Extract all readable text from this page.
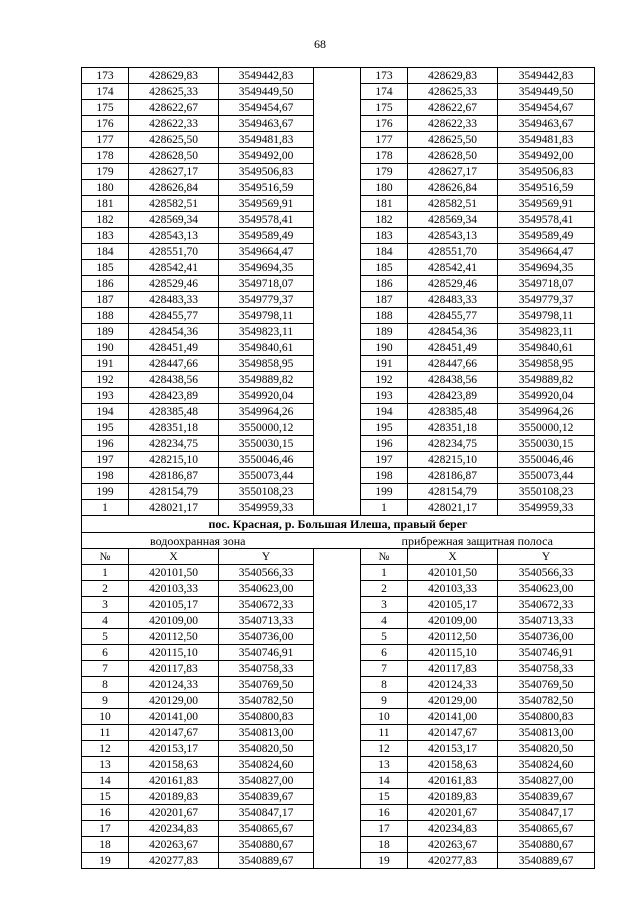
68
173	428629,83	3549442,83		173	428629,83	3549442,83
174	428625,33	3549449,50		174	428625,33	3549449,50
175	428622,67	3549454,67		175	428622,67	3549454,67
176	428622,33	3549463,67		176	428622,33	3549463,67
177	428625,50	3549481,83		177	428625,50	3549481,83
178	428628,50	3549492,00		178	428628,50	3549492,00
179	428627,17	3549506,83		179	428627,17	3549506,83
180	428626,84	3549516,59		180	428626,84	3549516,59
181	428582,51	3549569,91		181	428582,51	3549569,91
182	428569,34	3549578,41		182	428569,34	3549578,41
183	428543,13	3549589,49		183	428543,13	3549589,49
184	428551,70	3549664,47		184	428551,70	3549664,47
185	428542,41	3549694,35		185	428542,41	3549694,35
186	428529,46	3549718,07		186	428529,46	3549718,07
187	428483,33	3549779,37		187	428483,33	3549779,37
188	428455,77	3549798,11		188	428455,77	3549798,11
189	428454,36	3549823,11		189	428454,36	3549823,11
190	428451,49	3549840,61		190	428451,49	3549840,61
191	428447,66	3549858,95		191	428447,66	3549858,95
192	428438,56	3549889,82		192	428438,56	3549889,82
193	428423,89	3549920,04		193	428423,89	3549920,04
194	428385,48	3549964,26		194	428385,48	3549964,26
195	428351,18	3550000,12		195	428351,18	3550000,12
196	428234,75	3550030,15		196	428234,75	3550030,15
197	428215,10	3550046,46		197	428215,10	3550046,46
198	428186,87	3550073,44		198	428186,87	3550073,44
199	428154,79	3550108,23		199	428154,79	3550108,23
1	428021,17	3549959,33		1	428021,17	3549959,33
пос. Красная, р. Большая Илеша, правый берег						
водоохранная зона				прибрежная защитная полоса		
№	X	Y		№	X	Y
1	420101,50	3540566,33		1	420101,50	3540566,33
2	420103,33	3540623,00		2	420103,33	3540623,00
3	420105,17	3540672,33		3	420105,17	3540672,33
4	420109,00	3540713,33		4	420109,00	3540713,33
5	420112,50	3540736,00		5	420112,50	3540736,00
6	420115,10	3540746,91		6	420115,10	3540746,91
7	420117,83	3540758,33		7	420117,83	3540758,33
8	420124,33	3540769,50		8	420124,33	3540769,50
9	420129,00	3540782,50		9	420129,00	3540782,50
10	420141,00	3540800,83		10	420141,00	3540800,83
11	420147,67	3540813,00		11	420147,67	3540813,00
12	420153,17	3540820,50		12	420153,17	3540820,50
13	420158,63	3540824,60		13	420158,63	3540824,60
14	420161,83	3540827,00		14	420161,83	3540827,00
15	420189,83	3540839,67		15	420189,83	3540839,67
16	420201,67	3540847,17		16	420201,67	3540847,17
17	420234,83	3540865,67		17	420234,83	3540865,67
18	420263,67	3540880,67		18	420263,67	3540880,67
19	420277,83	3540889,67		19	420277,83	3540889,67
